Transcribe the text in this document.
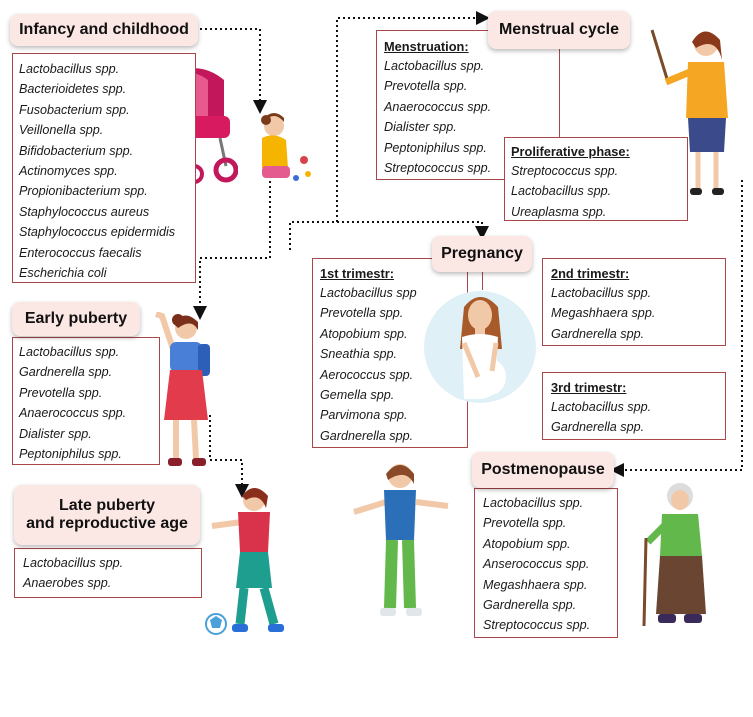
Infancy and childhood
Lactobacillus spp.
Bacterioidetes spp.
Fusobacterium spp.
Veillonella spp.
Bifidobacterium spp.
Actinomyces spp.
Propionibacterium spp.
Staphylococcus aureus
Staphylococcus epidermidis
Enterococcus faecalis
Escherichia coli
Early puberty
Lactobacillus spp.
Gardnerella spp.
Prevotella spp.
Anaerococcus spp.
Dialister spp.
Peptoniphilus spp.
Late puberty
and reproductive age
Lactobacillus spp.
Anaerobes spp.
Menstrual cycle
Menstruation:
Lactobacillus spp.
Prevotella spp.
Anaerococcus spp.
Dialister spp.
Peptoniphilus spp.
Streptococcus spp.
Proliferative phase:
Streptococcus spp.
Lactobacillus spp.
Ureaplasma spp.
Pregnancy
1st trimestr:
Lactobacillus spp
Prevotella spp.
Atopobium spp.
Sneathia spp.
Aerococcus spp.
Gemella spp.
Parvimona spp.
Gardnerella spp.
2nd trimestr:
Lactobacillus spp.
Megashhaera spp.
Gardnerella spp.
3rd trimestr:
Lactobacillus spp.
Gardnerella spp.
Postmenopause
Lactobacillus spp.
Prevotella spp.
Atopobium spp.
Anserococcus spp.
Megashhaera spp.
Gardnerella spp.
Streptococcus spp.
